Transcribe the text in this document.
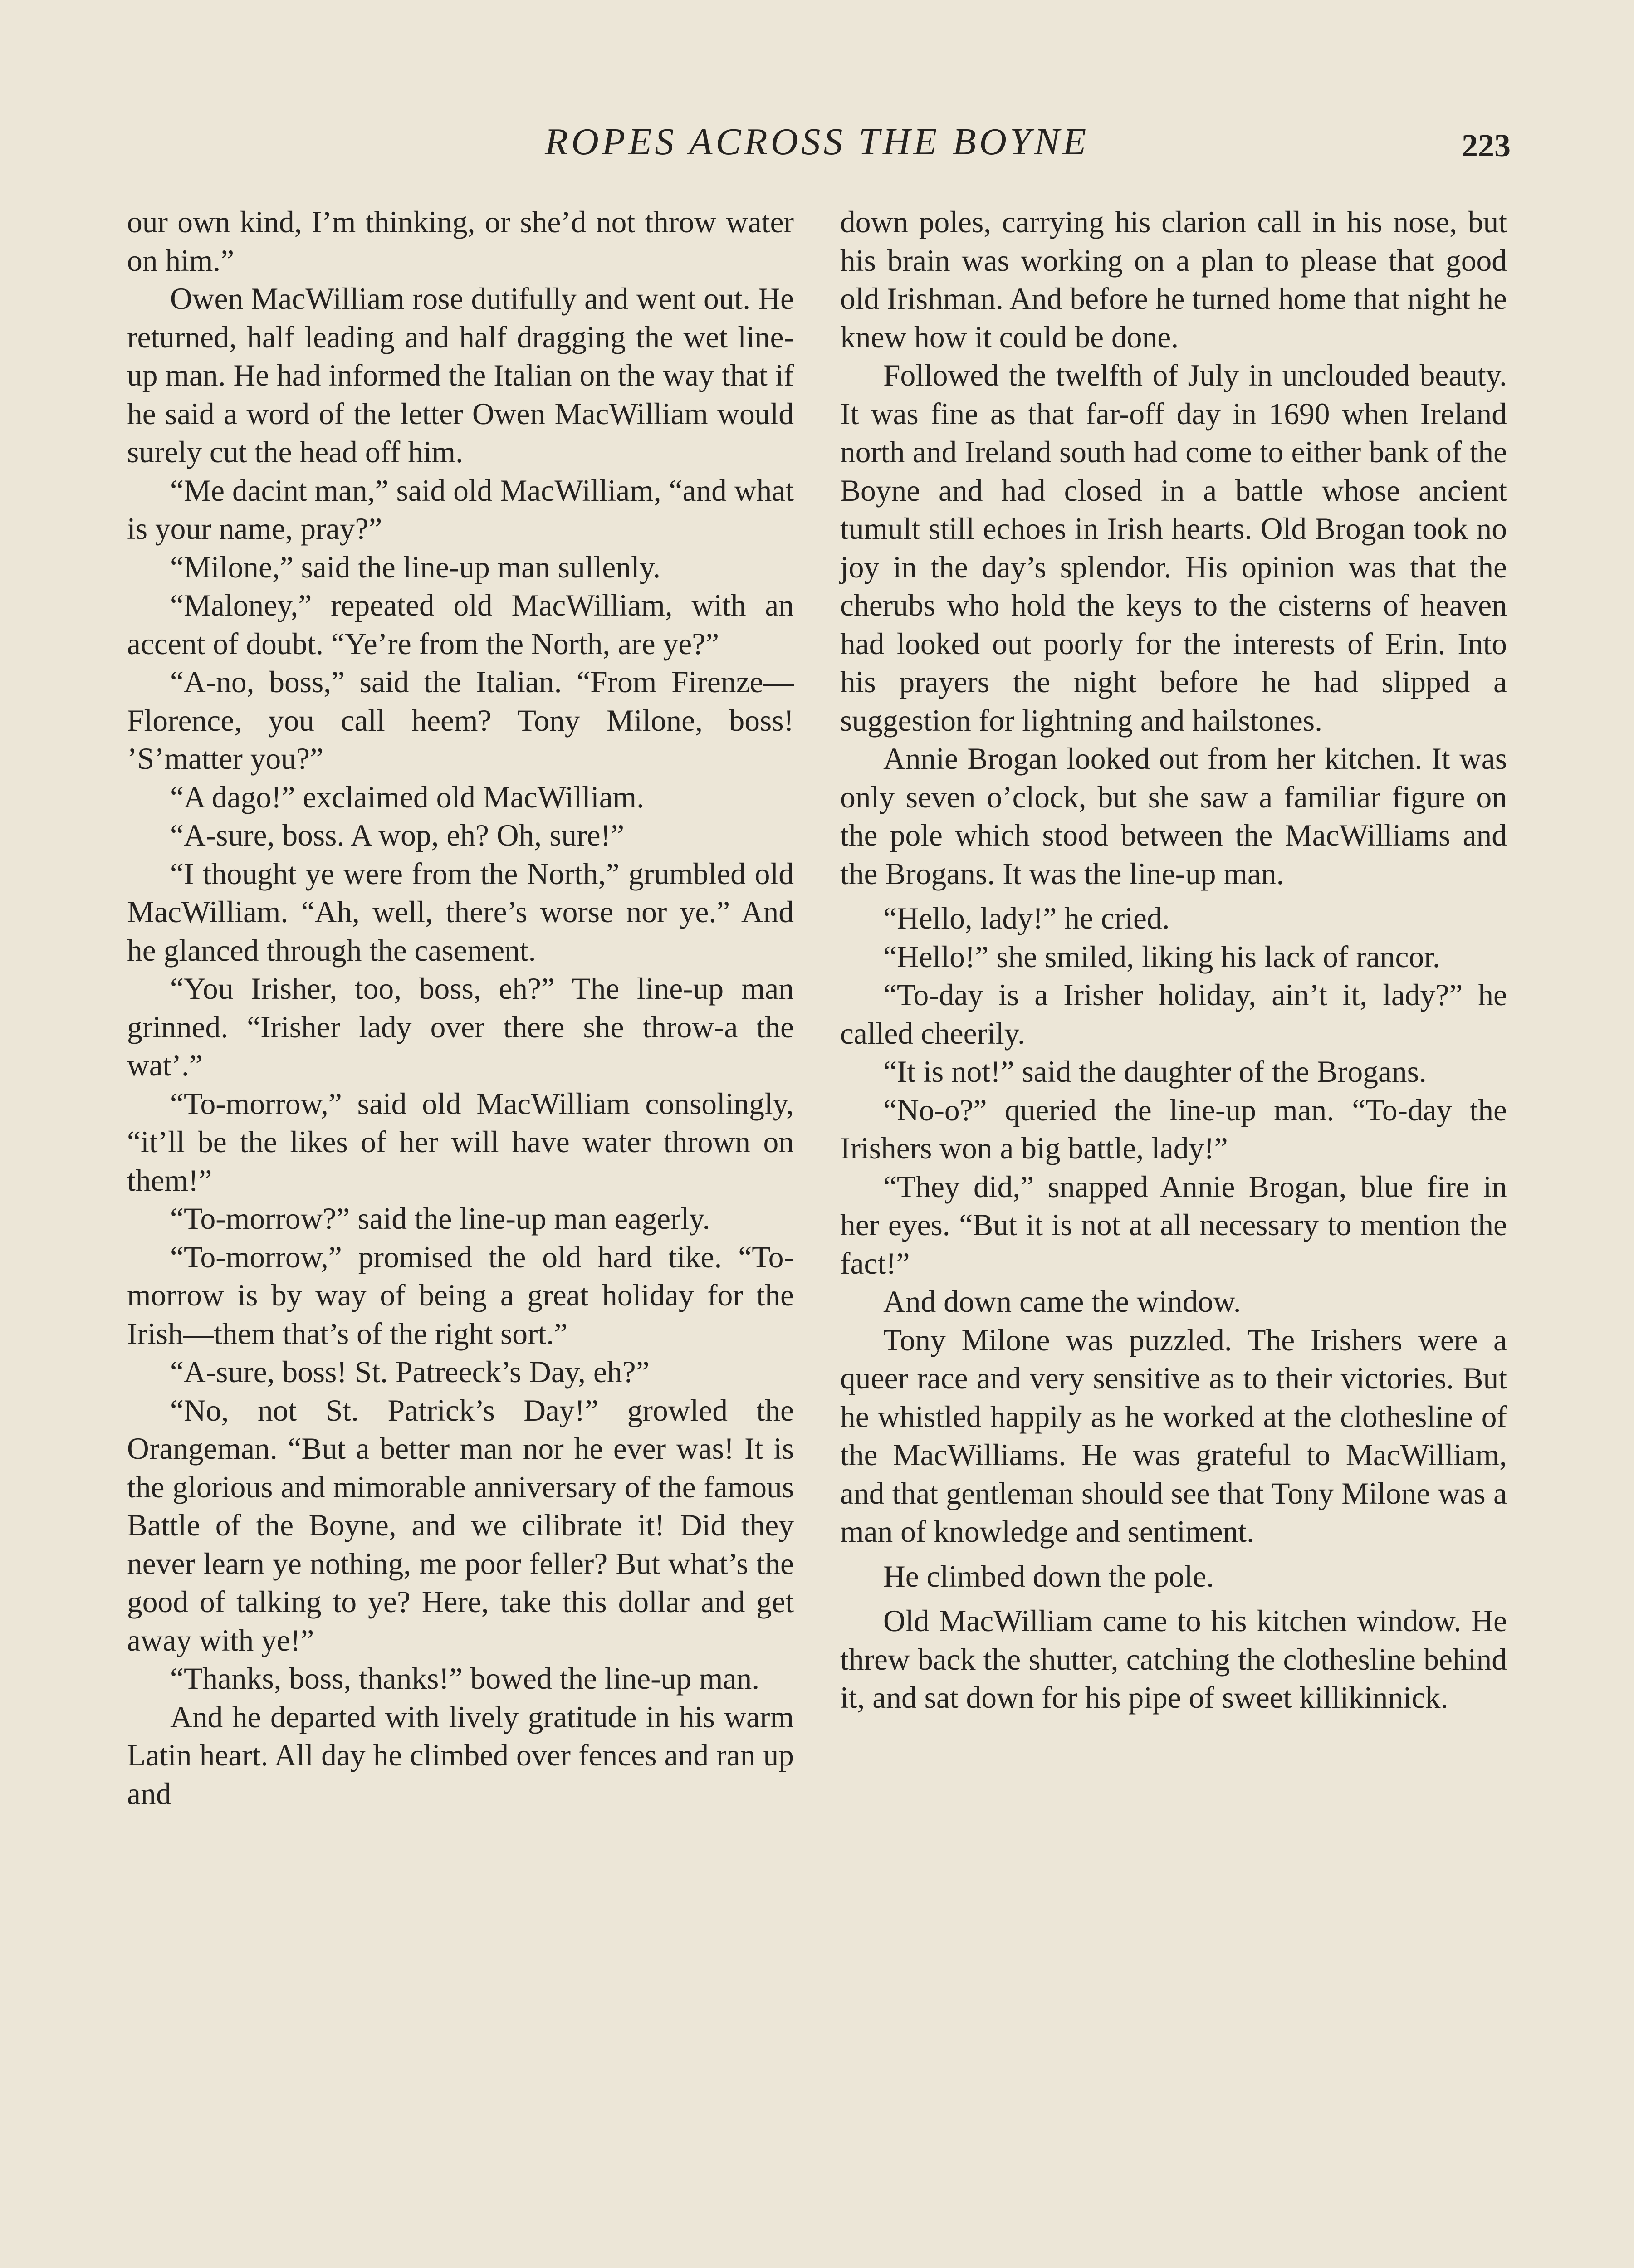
ROPES ACROSS THE BOYNE	223

our own kind, I’m thinking, or she’d not throw water on him.”

Owen MacWilliam rose dutifully and went out. He returned, half leading and half dragging the wet line-up man. He had informed the Italian on the way that if he said a word of the letter Owen MacWilliam would surely cut the head off him.

“Me dacint man,” said old MacWilliam, “and what is your name, pray?”

“Milone,” said the line-up man sullenly.

“Maloney,” repeated old MacWilliam, with an accent of doubt. “Ye’re from the North, are ye?”

“A-no, boss,” said the Italian. “From Firenze—Florence, you call heem? Tony Milone, boss! ’S’matter you?”

“A dago!” exclaimed old MacWilliam.

“A-sure, boss. A wop, eh? Oh, sure!”

“I thought ye were from the North,” grumbled old MacWilliam. “Ah, well, there’s worse nor ye.” And he glanced through the casement.

“You Irisher, too, boss, eh?” The line-up man grinned. “Irisher lady over there she throw-a the wat’.”

“To-morrow,” said old MacWilliam consolingly, “it’ll be the likes of her will have water thrown on them!”

“To-morrow?” said the line-up man eagerly.

“To-morrow,” promised the old hard tike. “To-morrow is by way of being a great holiday for the Irish—them that’s of the right sort.”

“A-sure, boss! St. Patreeck’s Day, eh?”

“No, not St. Patrick’s Day!” growled the Orangeman. “But a better man nor he ever was! It is the glorious and mimorable anniversary of the famous Battle of the Boyne, and we cilibrate it! Did they never learn ye nothing, me poor feller? But what’s the good of talking to ye? Here, take this dollar and get away with ye!”

“Thanks, boss, thanks!” bowed the line-up man.

And he departed with lively gratitude in his warm Latin heart. All day he climbed over fences and ran up and

down poles, carrying his clarion call in his nose, but his brain was working on a plan to please that good old Irishman. And before he turned home that night he knew how it could be done.

Followed the twelfth of July in unclouded beauty. It was fine as that far-off day in 1690 when Ireland north and Ireland south had come to either bank of the Boyne and had closed in a battle whose ancient tumult still echoes in Irish hearts. Old Brogan took no joy in the day’s splendor. His opinion was that the cherubs who hold the keys to the cisterns of heaven had looked out poorly for the interests of Erin. Into his prayers the night before he had slipped a suggestion for lightning and hailstones.

Annie Brogan looked out from her kitchen. It was only seven o’clock, but she saw a familiar figure on the pole which stood between the MacWilliams and the Brogans. It was the line-up man.

“Hello, lady!” he cried.

“Hello!” she smiled, liking his lack of rancor.

“To-day is a Irisher holiday, ain’t it, lady?” he called cheerily.

“It is not!” said the daughter of the Brogans.

“No-o?” queried the line-up man. “To-day the Irishers won a big battle, lady!”

“They did,” snapped Annie Brogan, blue fire in her eyes. “But it is not at all necessary to mention the fact!”

And down came the window.

Tony Milone was puzzled. The Irishers were a queer race and very sensitive as to their victories. But he whistled happily as he worked at the clothesline of the MacWilliams. He was grateful to MacWilliam, and that gentleman should see that Tony Milone was a man of knowledge and sentiment.

He climbed down the pole.

Old MacWilliam came to his kitchen window. He threw back the shutter, catching the clothesline behind it, and sat down for his pipe of sweet killikinnick.
